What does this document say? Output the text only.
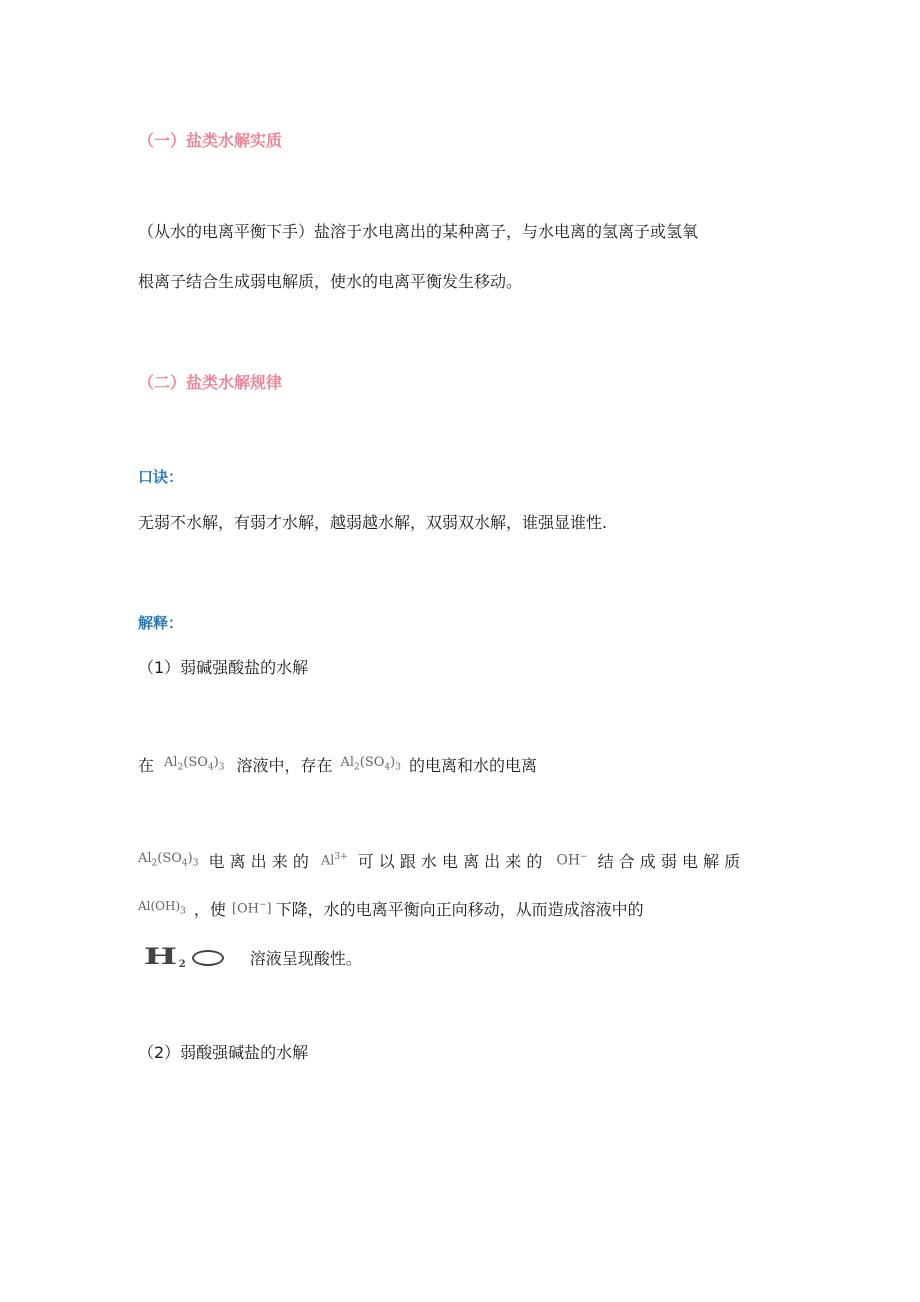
（一）盐类水解实质
（从水的电离平衡下手）盐溶于水电离出的某种离子，与水电离的氢离子或氢氧
根离子结合生成弱电解质，使水的电离平衡发生移动。
（二）盐类水解规律
口诀：
无弱不水解，有弱才水解，越弱越水解，双弱双水解，谁强显谁性.
解释：
（1）弱碱强酸盐的水解
在 $Al_2(SO_4)_3$ 溶液中，存在 $Al_2(SO_4)_3$ 的电离和水的电离
$Al_2(SO_4)_3$ 电 离 出 来 的 $Al^{3+}$ 可 以 跟 水 电 离 出 来 的 OH− 结 合 成 弱 电 解 质
$Al(OH)_3$ ，使 [OH−] 下降，水的电离平衡向正向移动，从而造成溶液中的
H 2	溶液呈现酸性。
（2）弱酸强碱盐的水解
